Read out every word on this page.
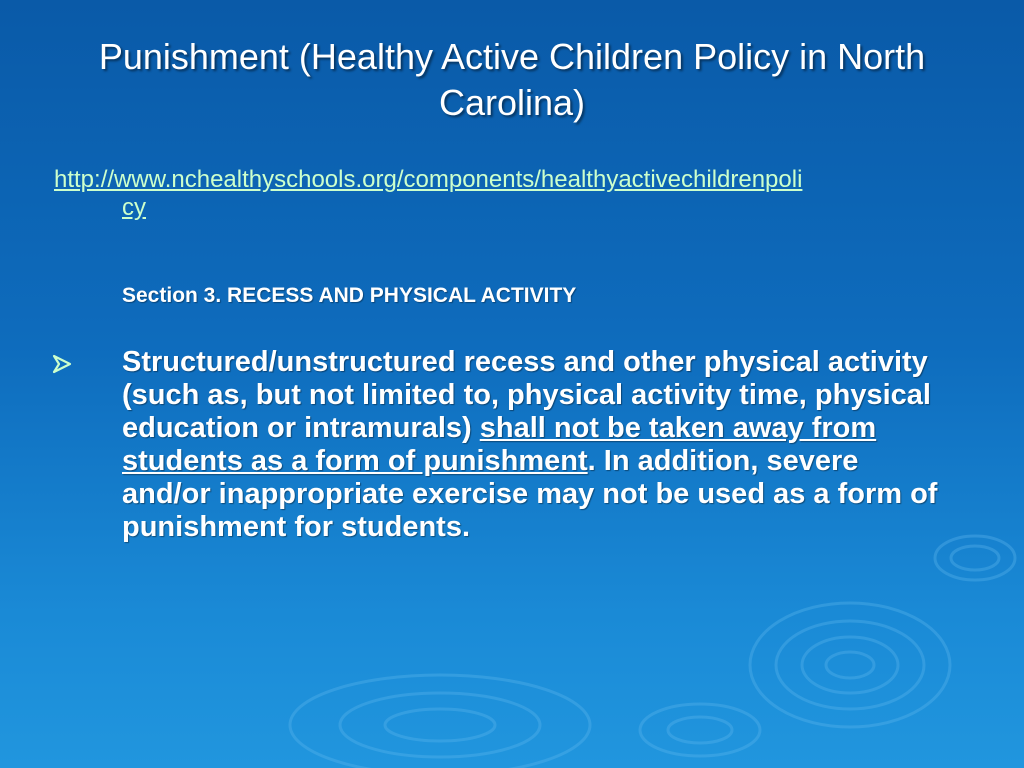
Punishment (Healthy Active Children Policy in North Carolina)
http://www.nchealthyschools.org/components/healthyactivechildrenpoli
cy
Section 3. RECESS AND PHYSICAL ACTIVITY
Structured/unstructured recess and other physical activity (such as, but not limited to, physical activity time, physical education or intramurals) shall not be taken away from students as a form of punishment. In addition, severe and/or inappropriate exercise may not be used as a form of punishment for students.
